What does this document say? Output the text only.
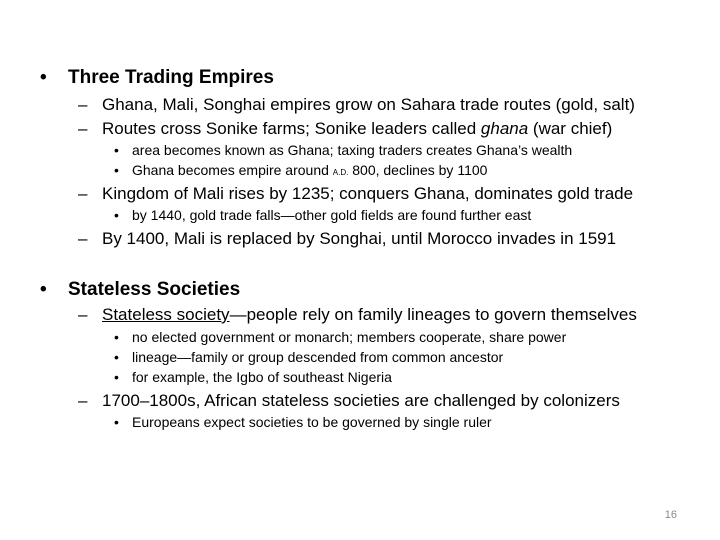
• Three Trading Empires
– Ghana, Mali, Songhai empires grow on Sahara trade routes (gold, salt)
– Routes cross Sonike farms; Sonike leaders called ghana (war chief)
• area becomes known as Ghana; taxing traders creates Ghana’s wealth
• Ghana becomes empire around A.D. 800, declines by 1100
– Kingdom of Mali rises by 1235; conquers Ghana, dominates gold trade
• by 1440, gold trade falls—other gold fields are found further east
– By 1400, Mali is replaced by Songhai, until Morocco invades in 1591
• Stateless Societies
– Stateless society—people rely on family lineages to govern themselves
• no elected government or monarch; members cooperate, share power
• lineage—family or group descended from common ancestor
• for example, the Igbo of southeast Nigeria
– 1700–1800s, African stateless societies are challenged by colonizers
• Europeans expect societies to be governed by single ruler
16
